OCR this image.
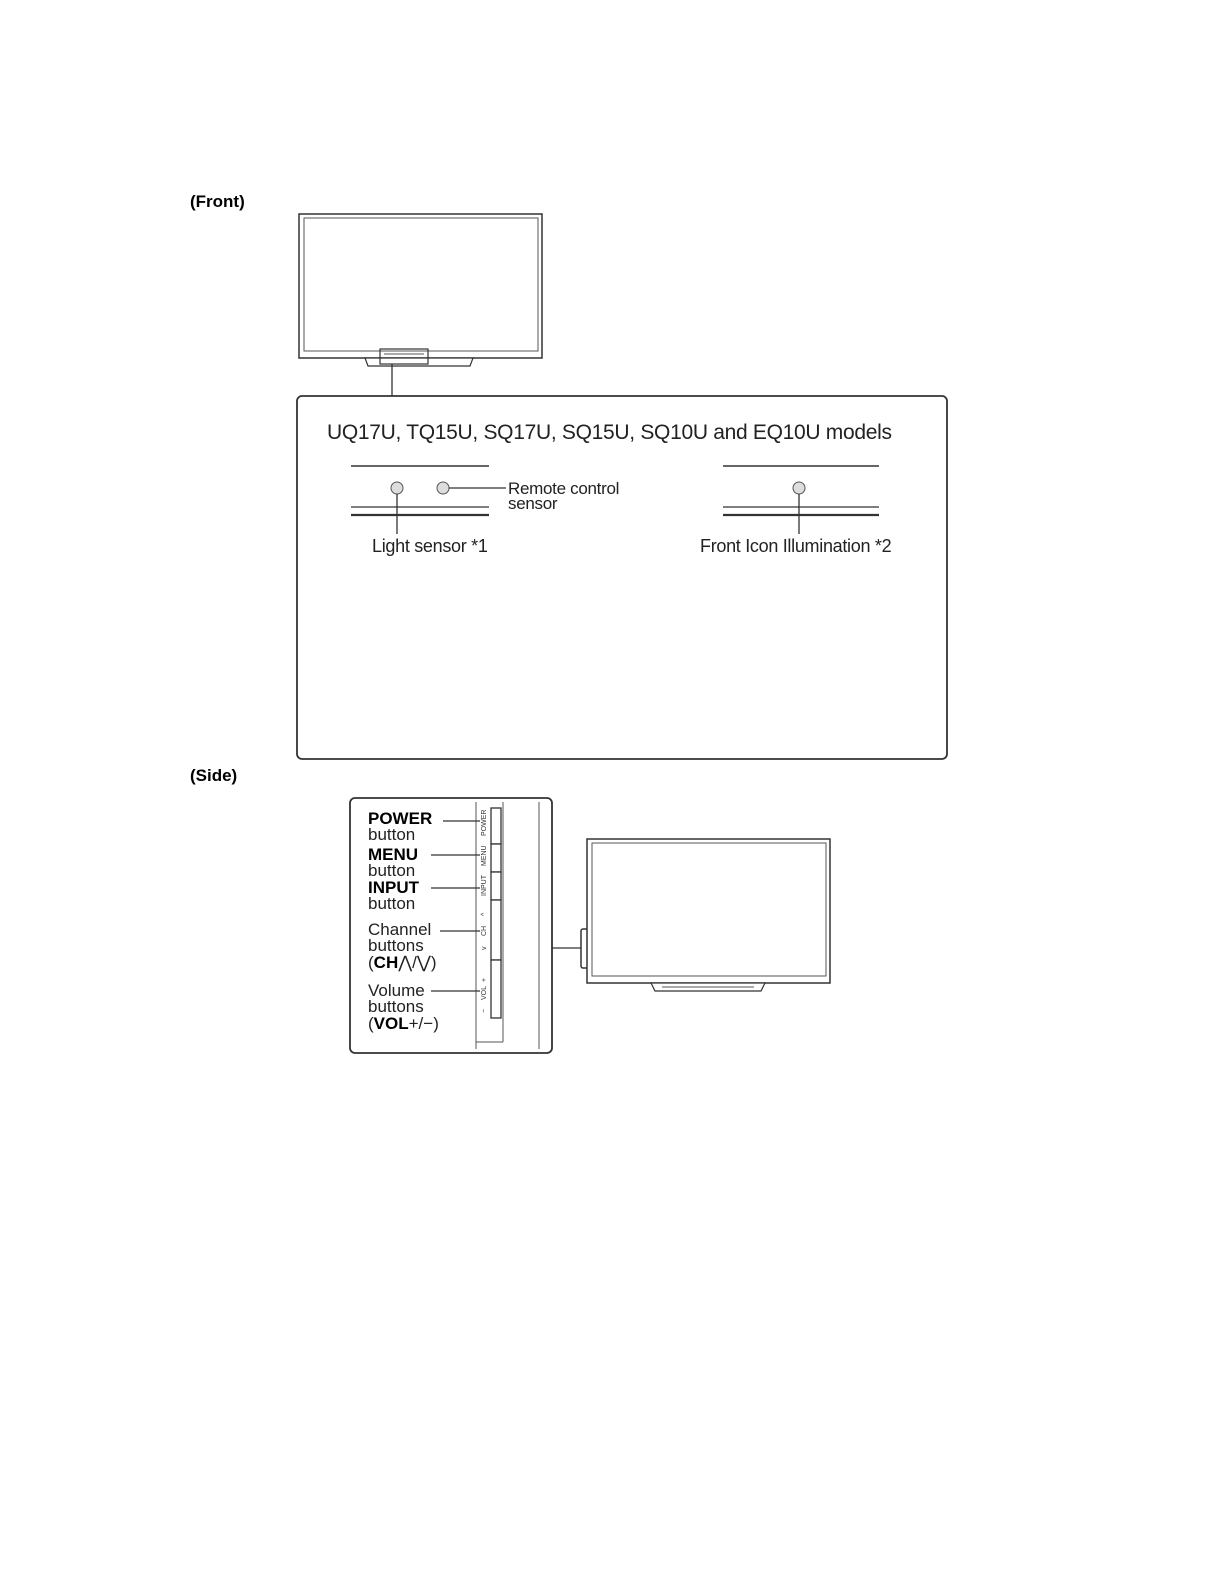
(Front)
(Side)
POWER
MENU
INPUT
^
CH
v
+
VOL
−
UQ17U, TQ15U, SQ17U, SQ15U, SQ10U and EQ10U models
Remote control
sensor
Light sensor *1	Front Icon Illumination *2
POWER
button
MENU
button
INPUT
button
Channel
buttons
(CH⋀/⋁)
Volume
buttons
(VOL+/−)
